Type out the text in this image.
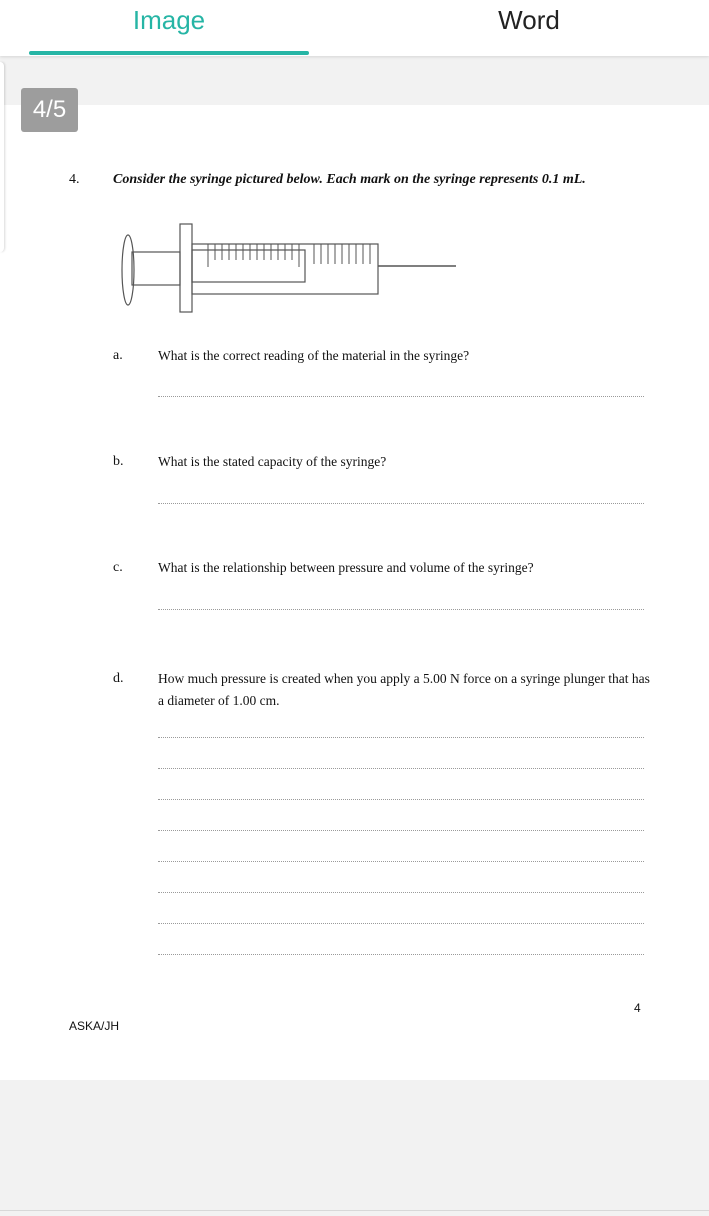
Image	Word
4/5
4. Consider the syringe pictured below. Each mark on the syringe represents 0.1 mL.
a.	What is the correct reading of the material in the syringe?
b.	What is the stated capacity of the syringe?
c.	What is the relationship between pressure and volume of the syringe?
d.	How much pressure is created when you apply a 5.00 N force on a syringe plunger that has a diameter of 1.00 cm.
4
ASKA/JH
